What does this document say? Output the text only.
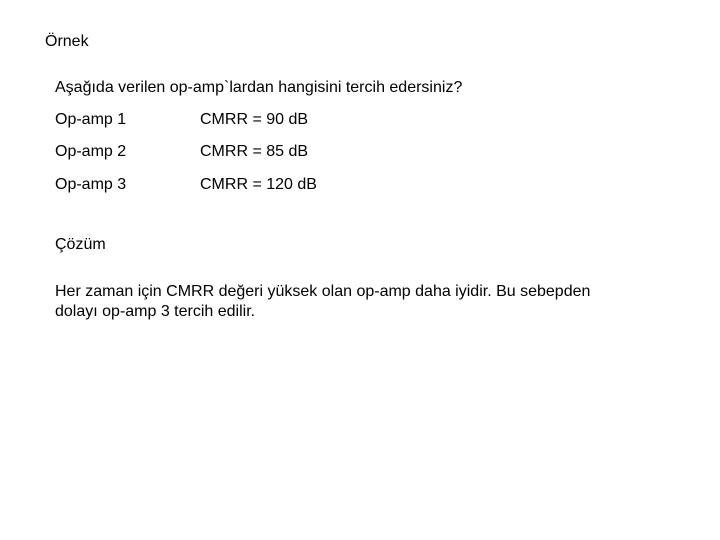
Örnek
Aşağıda verilen op-amp`lardan hangisini tercih edersiniz?
Op-amp 1	CMRR = 90 dB
Op-amp 2	CMRR = 85 dB
Op-amp 3	CMRR = 120 dB
Çözüm
Her zaman için CMRR değeri yüksek olan op-amp daha iyidir. Bu sebepden
dolayı op-amp 3 tercih edilir.
